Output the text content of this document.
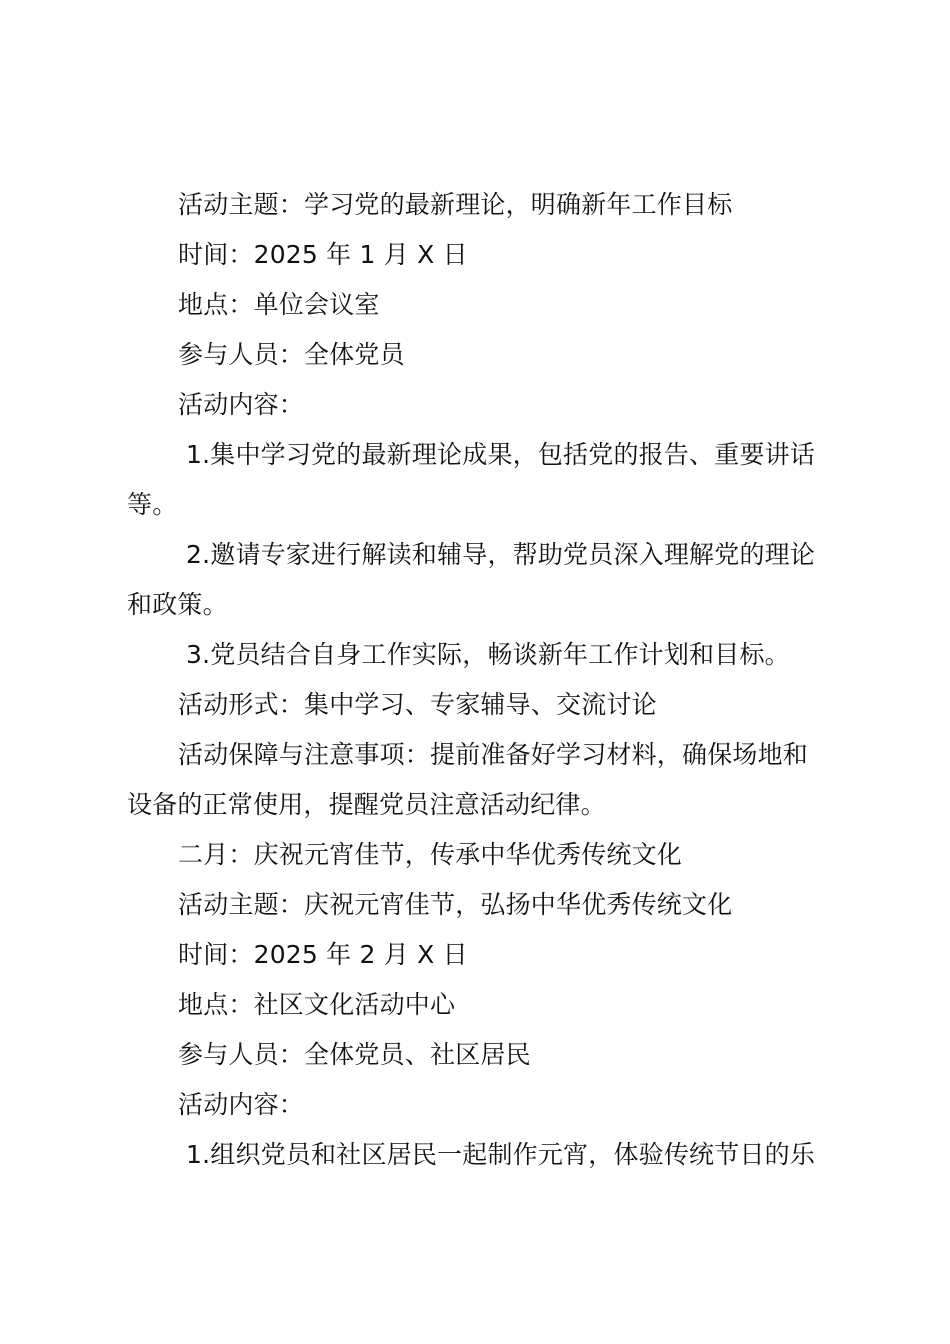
活动主题：学习党的最新理论，明确新年工作目标
时间：2025 年 1 月 X 日
地点：单位会议室
参与人员：全体党员
活动内容：
1.集中学习党的最新理论成果，包括党的报告、重要讲话
等。
2.邀请专家进行解读和辅导，帮助党员深入理解党的理论
和政策。
3.党员结合自身工作实际，畅谈新年工作计划和目标。
活动形式：集中学习、专家辅导、交流讨论
活动保障与注意事项：提前准备好学习材料，确保场地和
设备的正常使用，提醒党员注意活动纪律。
二月：庆祝元宵佳节，传承中华优秀传统文化
活动主题：庆祝元宵佳节，弘扬中华优秀传统文化
时间：2025 年 2 月 X 日
地点：社区文化活动中心
参与人员：全体党员、社区居民
活动内容：
1.组织党员和社区居民一起制作元宵，体验传统节日的乐
